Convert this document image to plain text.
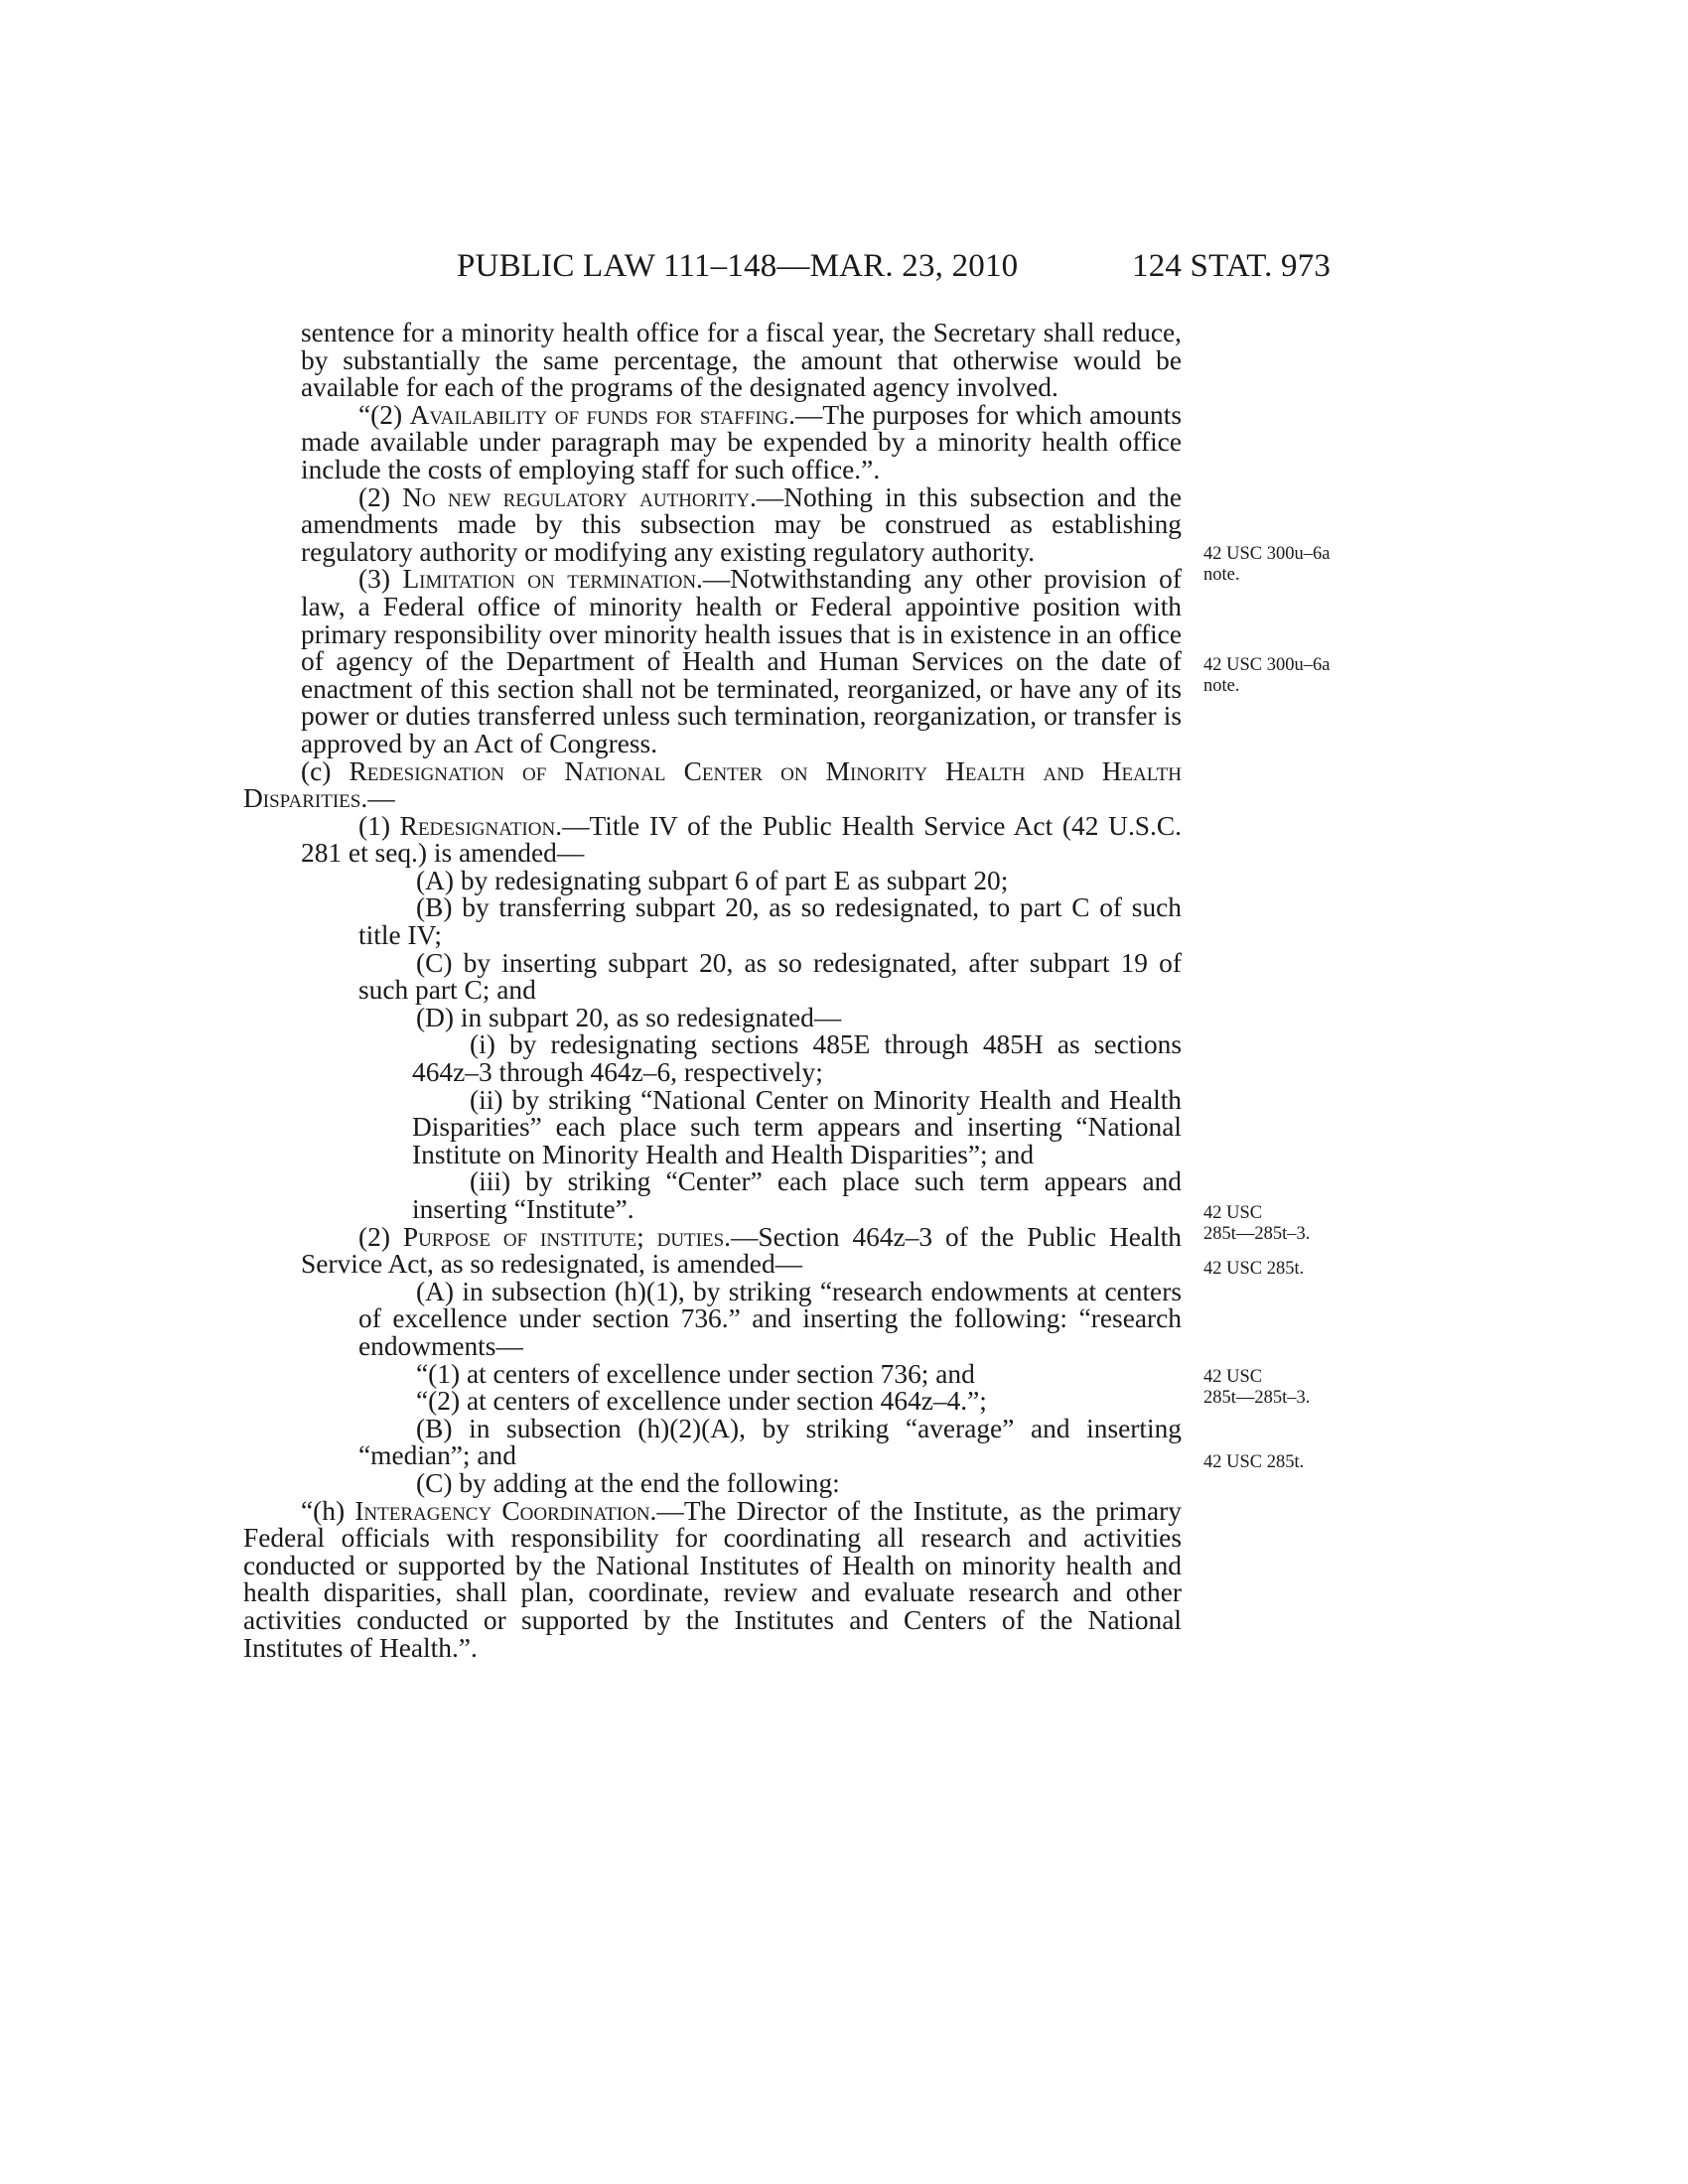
PUBLIC LAW 111–148—MAR. 23, 2010	124 STAT. 973

sentence for a minority health office for a fiscal year, the Secretary shall reduce, by substantially the same percentage, the amount that otherwise would be available for each of the programs of the designated agency involved.

“(2) Availability of funds for staffing.—The purposes for which amounts made available under paragraph may be expended by a minority health office include the costs of employing staff for such office.”.

(2) No new regulatory authority.—Nothing in this subsection and the amendments made by this subsection may be construed as establishing regulatory authority or modifying any existing regulatory authority.

(3) Limitation on termination.—Notwithstanding any other provision of law, a Federal office of minority health or Federal appointive position with primary responsibility over minority health issues that is in existence in an office of agency of the Department of Health and Human Services on the date of enactment of this section shall not be terminated, reorganized, or have any of its power or duties transferred unless such termination, reorganization, or transfer is approved by an Act of Congress.

(c) Redesignation of National Center on Minority Health and Health Disparities.—

(1) Redesignation.—Title IV of the Public Health Service Act (42 U.S.C. 281 et seq.) is amended—

(A) by redesignating subpart 6 of part E as subpart 20;

(B) by transferring subpart 20, as so redesignated, to part C of such title IV;

(C) by inserting subpart 20, as so redesignated, after subpart 19 of such part C; and

(D) in subpart 20, as so redesignated—

(i) by redesignating sections 485E through 485H as sections 464z–3 through 464z–6, respectively;

(ii) by striking “National Center on Minority Health and Health Disparities” each place such term appears and inserting “National Institute on Minority Health and Health Disparities”; and

(iii) by striking “Center” each place such term appears and inserting “Institute”.

(2) Purpose of institute; duties.—Section 464z–3 of the Public Health Service Act, as so redesignated, is amended—

(A) in subsection (h)(1), by striking “research endowments at centers of excellence under section 736.” and inserting the following: “research endowments—

“(1) at centers of excellence under section 736; and

“(2) at centers of excellence under section 464z–4.”;

(B) in subsection (h)(2)(A), by striking “average” and inserting “median”; and

(C) by adding at the end the following:

“(h) Interagency Coordination.—The Director of the Institute, as the primary Federal officials with responsibility for coordinating all research and activities conducted or supported by the National Institutes of Health on minority health and health disparities, shall plan, coordinate, review and evaluate research and other activities conducted or supported by the Institutes and Centers of the National Institutes of Health.”.

42 USC 300u–6a
note.
42 USC 300u–6a
note.
42 USC
285t—285t–3.
42 USC 285t.
42 USC
285t—285t–3.
42 USC 285t.
